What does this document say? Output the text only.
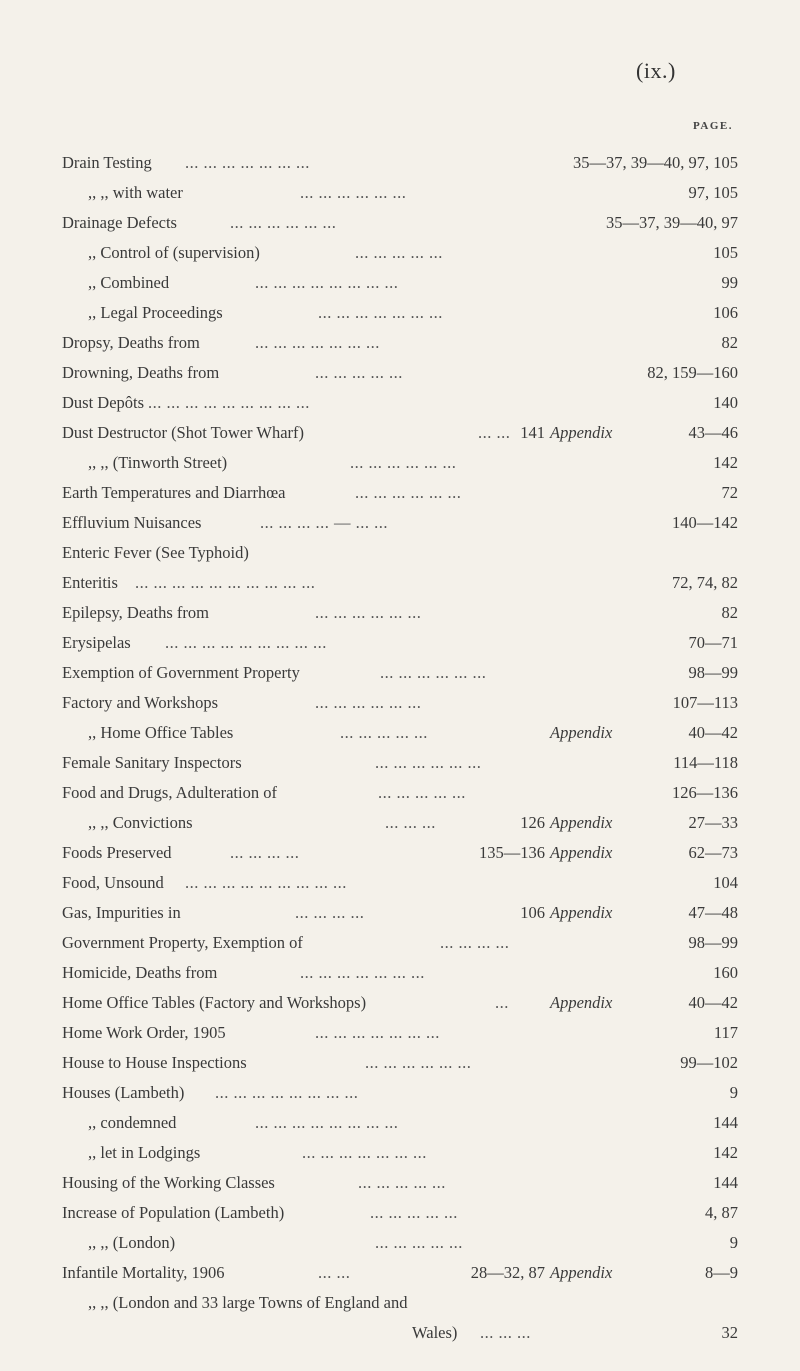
(ix.)
PAGE.
Drain Testing ... ... ... ... ... ... ...	35—37, 39—40, 97, 105
,, ,, with water	... ... ... ... ... ...	97, 105
Drainage Defects	... ... ... ... ... ...	35—37, 39—40, 97
,, Control of (supervision)	... ... ... ... ...	105
,, Combined	... ... ... ... ... ... ... ...	99
,, Legal Proceedings	... ... ... ... ... ... ...	106
Dropsy, Deaths from	... ... ... ... ... ... ...	82
Drowning, Deaths from	... ... ... ... ...	82, 159—160
Dust Depôts ... ... ... ... ... ... ... ... ...	140
Dust Destructor (Shot Tower Wharf)	... ... 141 Appendix	43—46
,, ,, (Tinworth Street)	... ... ... ... ... ...	142
Earth Temperatures and Diarrhœa	... ... ... ... ... ...	72
Effluvium Nuisances	... ... ... ... — ... ...	140—142
Enteric Fever (See Typhoid)
Enteritis ... ... ... ... ... ... ... ... ... ...	72, 74, 82
Epilepsy, Deaths from	... ... ... ... ... ...	82
Erysipelas ... ... ... ... ... ... ... ... ...	70—71
Exemption of Government Property	... ... ... ... ... ...	98—99
Factory and Workshops	... ... ... ... ... ...	107—113
,, Home Office Tables	... ... ... ... ...	Appendix	40—42
Female Sanitary Inspectors	... ... ... ... ... ...	114—118
Food and Drugs, Adulteration of	... ... ... ... ...	126—136
,, ,, Convictions	... ... ...	126 Appendix	27—33
Foods Preserved	... ... ... ...	135—136 Appendix	62—73
Food, Unsound ... ... ... ... ... ... ... ... ...	104
Gas, Impurities in	... ... ... ...	106 Appendix	47—48
Government Property, Exemption of	... ... ... ...	98—99
Homicide, Deaths from	... ... ... ... ... ... ...	160
Home Office Tables (Factory and Workshops)	...	Appendix	40—42
Home Work Order, 1905	... ... ... ... ... ... ...	117
House to House Inspections	... ... ... ... ... ...	99—102
Houses (Lambeth) ... ... ... ... ... ... ... ...	9
,, condemned	... ... ... ... ... ... ... ...	144
,, let in Lodgings	... ... ... ... ... ... ...	142
Housing of the Working Classes	... ... ... ... ...	144
Increase of Population (Lambeth)	... ... ... ... ...	4, 87
,, ,, (London)	... ... ... ... ...	9
Infantile Mortality, 1906	... ...	28—32, 87 Appendix	8—9
,, ,, (London and 33 large Towns of England and
Wales) ... ... ...	32
